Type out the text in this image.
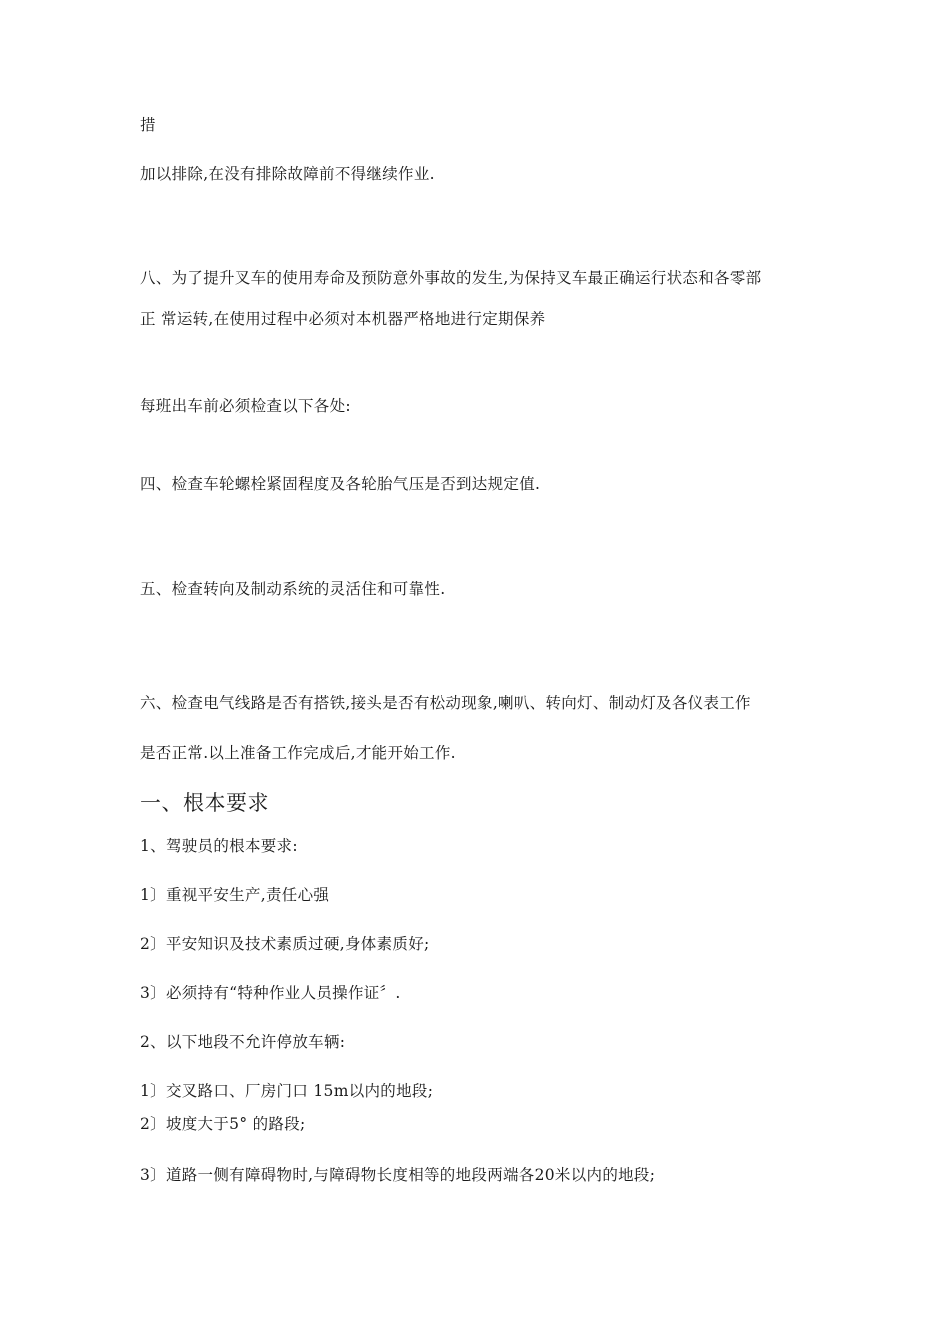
措
加以排除,在没有排除故障前不得继续作业.
八、为了提升叉车的使用寿命及预防意外事故的发生,为保持叉车最正确运行状态和各零部
正 常运转,在使用过程中必须对本机器严格地进行定期保养
每班出车前必须检查以下各处:
四、检查车轮螺栓紧固程度及各轮胎气压是否到达规定值.
五、检查转向及制动系统的灵活住和可靠性.
六、检查电气线路是否有搭铁,接头是否有松动现象,喇叭、转向灯、制动灯及各仪表工作
是否正常.以上准备工作完成后,才能开始工作.
一、根本要求
1、驾驶员的根本要求:
1〕重视平安生产,责任心强
2〕平安知识及技术素质过硬,身体素质好;
3〕必须持有“特种作业人员操作证〞.
2、以下地段不允许停放车辆:
1〕交叉路口、厂房门口 15m以内的地段;
2〕坡度大于5° 的路段;
3〕道路一侧有障碍物时,与障碍物长度相等的地段两端各20米以内的地段;
